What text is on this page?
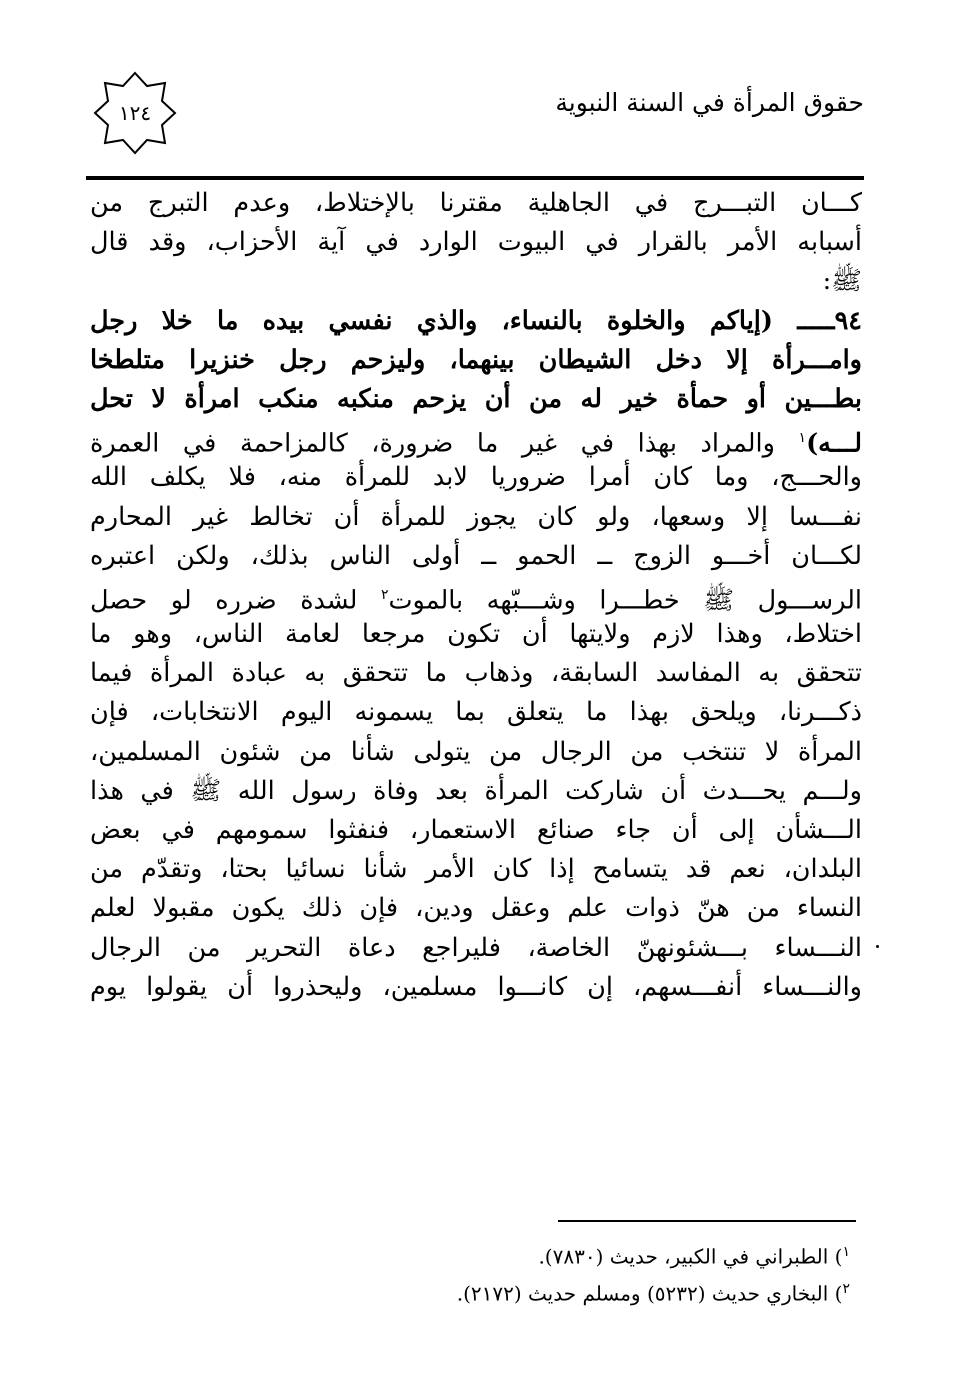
حقوق المرأة في السنة النبوية
١٢٤
كـــان التبـــرج في الجاهلية مقترنا بالإختلاط، وعدم التبرج من
أسبابه الأمر بالقرار في البيوت الوارد في آية الأحزاب، وقد قال
ﷺ:
٩٤ـــــ (إياكم والخلوة بالنساء، والذي نفسي بيده ما خلا رجل
وامـــرأة إلا دخل الشيطان بينهما، وليزحم رجل خنزيرا متلطخا
بطـــين أو حمأة خير له من أن يزحم منكبه منكب امرأة لا تحل
لـــه)$^١$ والمراد بهذا في غير ما ضرورة، كالمزاحمة في العمرة
والحـــج، وما كان أمرا ضروريا لابد للمرأة منه، فلا يكلف الله
نفـــسا إلا وسعها، ولو كان يجوز للمرأة أن تخالط غير المحارم
لكـــان أخـــو الزوج ــ الحمو ــ أولى الناس بذلك، ولكن اعتبره
الرســـول ﷺ خطـــرا وشـــبّهه بالموت$^٢$ لشدة ضرره لو حصل
اختلاط، وهذا لازم ولايتها أن تكون مرجعا لعامة الناس، وهو ما
تتحقق به المفاسد السابقة، وذهاب ما تتحقق به عبادة المرأة فيما
ذكـــرنا، ويلحق بهذا ما يتعلق بما يسمونه اليوم الانتخابات، فإن
المرأة لا تنتخب من الرجال من يتولى شأنا من شئون المسلمين،
ولـــم يحـــدث أن شاركت المرأة بعد وفاة رسول الله ﷺ في هذا
الـــشأن إلى أن جاء صنائع الاستعمار، فنفثوا سمومهم في بعض
البلدان، نعم قد يتسامح إذا كان الأمر شأنا نسائيا بحتا، وتقدّم من
النساء من هنّ ذوات علم وعقل ودين، فإن ذلك يكون مقبولا لعلم
النـــساء بـــشئونهنّ الخاصة، فليراجع دعاة التحرير من الرجال
والنـــساء أنفـــسهم، إن كانـــوا مسلمين، وليحذروا أن يقولوا يوم
$^١$) الطبراني في الكبير، حديث (٧٨٣٠).
$^٢$) البخاري حديث (٥٢٣٢) ومسلم حديث (٢١٧٢).
